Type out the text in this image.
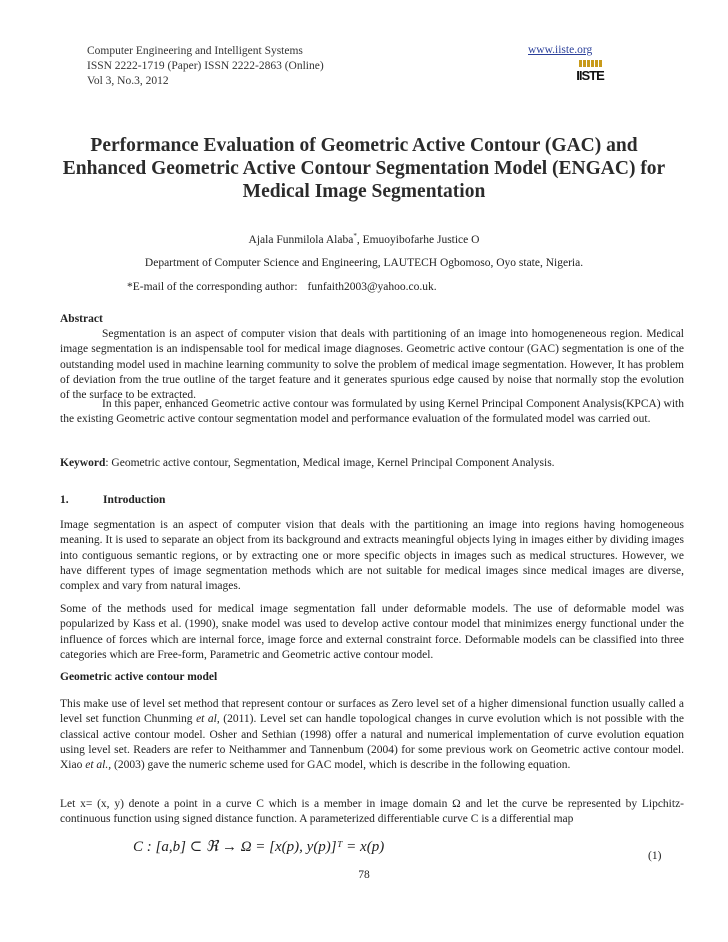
Computer Engineering and Intelligent Systems
ISSN 2222-1719 (Paper) ISSN 2222-2863 (Online)
Vol 3, No.3, 2012
www.iiste.org
IISTE
Performance Evaluation of Geometric Active Contour (GAC) and Enhanced Geometric Active Contour Segmentation Model (ENGAC) for Medical Image Segmentation
Ajala Funmilola Alaba*, Emuoyibofarhe Justice O
Department of Computer Science and Engineering, LAUTECH Ogbomoso, Oyo state, Nigeria.
*E-mail of the corresponding author: funfaith2003@yahoo.co.uk.
Abstract
Segmentation is an aspect of computer vision that deals with partitioning of an image into homogeneneous region. Medical image segmentation is an indispensable tool for medical image diagnoses. Geometric active contour (GAC) segmentation is one of the outstanding model used in machine learning community to solve the problem of medical image segmentation. However, It has problem of deviation from the true outline of the target feature and it generates spurious edge caused by noise that normally stop the evolution of the surface to be extracted.
In this paper, enhanced Geometric active contour was formulated by using Kernel Principal Component Analysis(KPCA) with the existing Geometric active contour segmentation model and performance evaluation of the formulated model was carried out.
Keyword: Geometric active contour, Segmentation, Medical image, Kernel Principal Component Analysis.
1.	Introduction
Image segmentation is an aspect of computer vision that deals with the partitioning an image into regions having homogeneous meaning. It is used to separate an object from its background and extracts meaningful objects lying in images either by dividing images into contiguous semantic regions, or by extracting one or more specific objects in images such as medical structures. However, we have different types of image segmentation methods which are not suitable for medical images since medical images are diverse, complex and vary from natural images.
Some of the methods used for medical image segmentation fall under deformable models. The use of deformable model was popularized by Kass et al. (1990), snake model was used to develop active contour model that minimizes energy functional under the influence of forces which are internal force, image force and external constraint force. Deformable models can be classified into three categories which are Free-form, Parametric and Geometric active contour model.
Geometric active contour model
This make use of level set method that represent contour or surfaces as Zero level set of a higher dimensional function usually called a level set function Chunming et al, (2011). Level set can handle topological changes in curve evolution which is not possible with the classical active contour model. Osher and Sethian (1998) offer a natural and numerical implementation of curve evolution equation using level set. Readers are refer to Neithammer and Tannenbum (2004) for some previous work on Geometric active contour model. Xiao et al., (2003) gave the numeric scheme used for GAC model, which is describe in the following equation.
Let x= (x, y) denote a point in a curve C which is a member in image domain Ω and let the curve be represented by Lipchitz-continuous function using signed distance function. A parameterized differentiable curve C is a differential map
C : [a,b] ⊂ ℜ → Ω = [x(p), y(p)]ᵀ = x(p)
(1)
78
